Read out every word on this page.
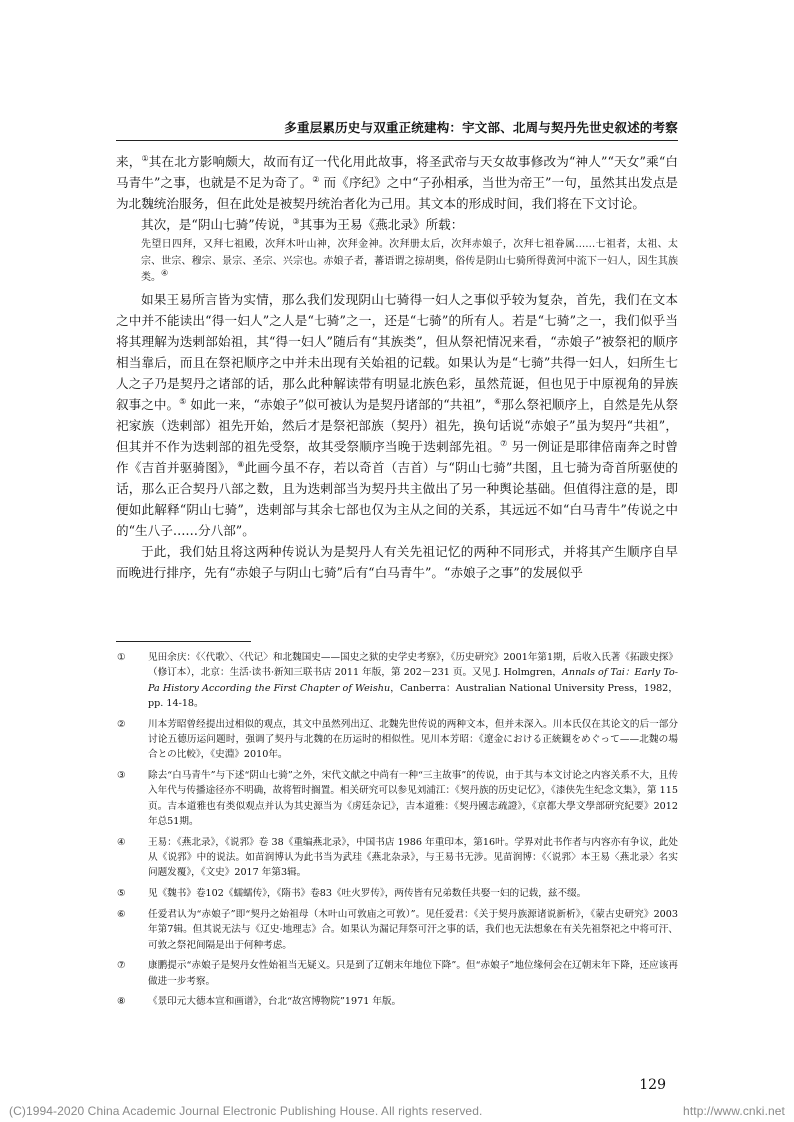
多重层累历史与双重正统建构：宇文部、北周与契丹先世史叙述的考察

来，①其在北方影响颇大，故而有辽一代化用此故事，将圣武帝与天女故事修改为“神人”“天女”乘“白马青牛”之事，也就是不足为奇了。② 而《序纪》之中“子孙相承，当世为帝王”一句，虽然其出发点是为北魏统治服务，但在此处是被契丹统治者化为己用。其文本的形成时间，我们将在下文讨论。

其次，是“阴山七骑”传说，③其事为王易《燕北录》所载：

先望日四拜，又拜七祖殿，次拜木叶山神，次拜金神。次拜册太后，次拜赤娘子，次拜七祖眷属……七祖者，太祖、太宗、世宗、穆宗、景宗、圣宗、兴宗也。赤娘子者，蕃语谓之掠胡奥，俗传是阴山七骑所得黄河中流下一妇人，因生其族类。④

如果王易所言皆为实情，那么我们发现阴山七骑得一妇人之事似乎较为复杂，首先，我们在文本之中并不能读出“得一妇人”之人是“七骑”之一，还是“七骑”的所有人。若是“七骑”之一，我们似乎当将其理解为迭剌部始祖，其“得一妇人”随后有“其族类”，但从祭祀情况来看，“赤娘子”被祭祀的顺序相当靠后，而且在祭祀顺序之中并未出现有关始祖的记载。如果认为是“七骑”共得一妇人，妇所生七人之子乃是契丹之诸部的话，那么此种解读带有明显北族色彩，虽然荒诞，但也见于中原视角的异族叙事之中。⑤ 如此一来，“赤娘子”似可被认为是契丹诸部的“共祖”，⑥那么祭祀顺序上，自然是先从祭祀家族（迭剌部）祖先开始，然后才是祭祀部族（契丹）祖先，换句话说“赤娘子”虽为契丹“共祖”，但其并不作为迭剌部的祖先受祭，故其受祭顺序当晚于迭剌部先祖。⑦ 另一例证是耶律倍南奔之时曾作《吉首并驱骑图》，⑧此画今虽不存，若以奇首（吉首）与“阴山七骑”共图，且七骑为奇首所驱使的话，那么正合契丹八部之数，且为迭剌部当为契丹共主做出了另一种舆论基础。但值得注意的是，即便如此解释“阴山七骑”，迭剌部与其余七部也仅为主从之间的关系，其远远不如“白马青牛”传说之中的“生八子……分八部”。

于此，我们姑且将这两种传说认为是契丹人有关先祖记忆的两种不同形式，并将其产生顺序自早而晚进行排序，先有“赤娘子与阴山七骑”后有“白马青牛”。“赤娘子之事”的发展似乎

①	见田余庆：《〈代歌〉、〈代记〉和北魏国史——国史之狱的史学史考察》，《历史研究》2001年第1期，后收入氏著《拓跋史探》（修订本），北京：生活·读书·新知三联书店 2011 年版，第 202－231 页。又见 J. Holmgren，Annals of Tai：Early To-Pa History According the First Chapter of Weishu，Canberra：Australian National University Press，1982，pp. 14-18。
②	川本芳昭曾经提出过相似的观点，其文中虽然列出辽、北魏先世传说的两种文本，但并未深入。川本氏仅在其论文的后一部分讨论五德历运问题时，强调了契丹与北魏的在历运时的相似性。见川本芳昭：《遼金における正統観をめぐって——北魏の場合との比較》，《史淵》2010年。
③	除去“白马青牛”与下述“阴山七骑”之外，宋代文献之中尚有一种“三主故事”的传说，由于其与本文讨论之内容关系不大，且传入年代与传播途径亦不明确，故将暂时搁置。相关研究可以参见刘浦江：《契丹族的历史记忆》，《漆侠先生纪念文集》，第 115 页。吉本道雅也有类似观点并认为其史源当为《虏廷杂记》，吉本道雅：《契丹國志疏證》，《京都大學文學部研究紀要》2012年总51期。
④	王易：《燕北录》，《说郛》卷 38《重编燕北录》，中国书店 1986 年重印本，第16叶。学界对此书作者与内容亦有争议，此处从《说郛》中的说法。如苗润博认为此书当为武珪《燕北杂录》，与王易书无涉。见苗润博：《〈说郛〉本王易〈燕北录〉名实问题发覆》，《文史》2017 年第3辑。
⑤	见《魏书》卷102《蠕蠕传》，《隋书》卷83《吐火罗传》，两传皆有兄弟数任共娶一妇的记载，兹不缀。
⑥	任爱君认为“赤娘子”即“契丹之始祖母（木叶山可敦庙之可敦）”。见任爱君：《关于契丹族源诸说新析》，《蒙古史研究》2003 年第7辑。但其说无法与《辽史·地理志》合。如果认为漏记拜祭可汗之事的话，我们也无法想象在有关先祖祭祀之中将可汗、可敦之祭祀间隔是出于何种考虑。
⑦	康鹏提示“赤娘子是契丹女性始祖当无疑义。只是到了辽朝末年地位下降”。但“赤娘子”地位缘何会在辽朝末年下降，还应该再做进一步考察。
⑧	《景印元大德本宣和画谱》，台北“故宫博物院”1971 年版。
129
(C)1994-2020 China Academic Journal Electronic Publishing House. All rights reserved.	http://www.cnki.net
